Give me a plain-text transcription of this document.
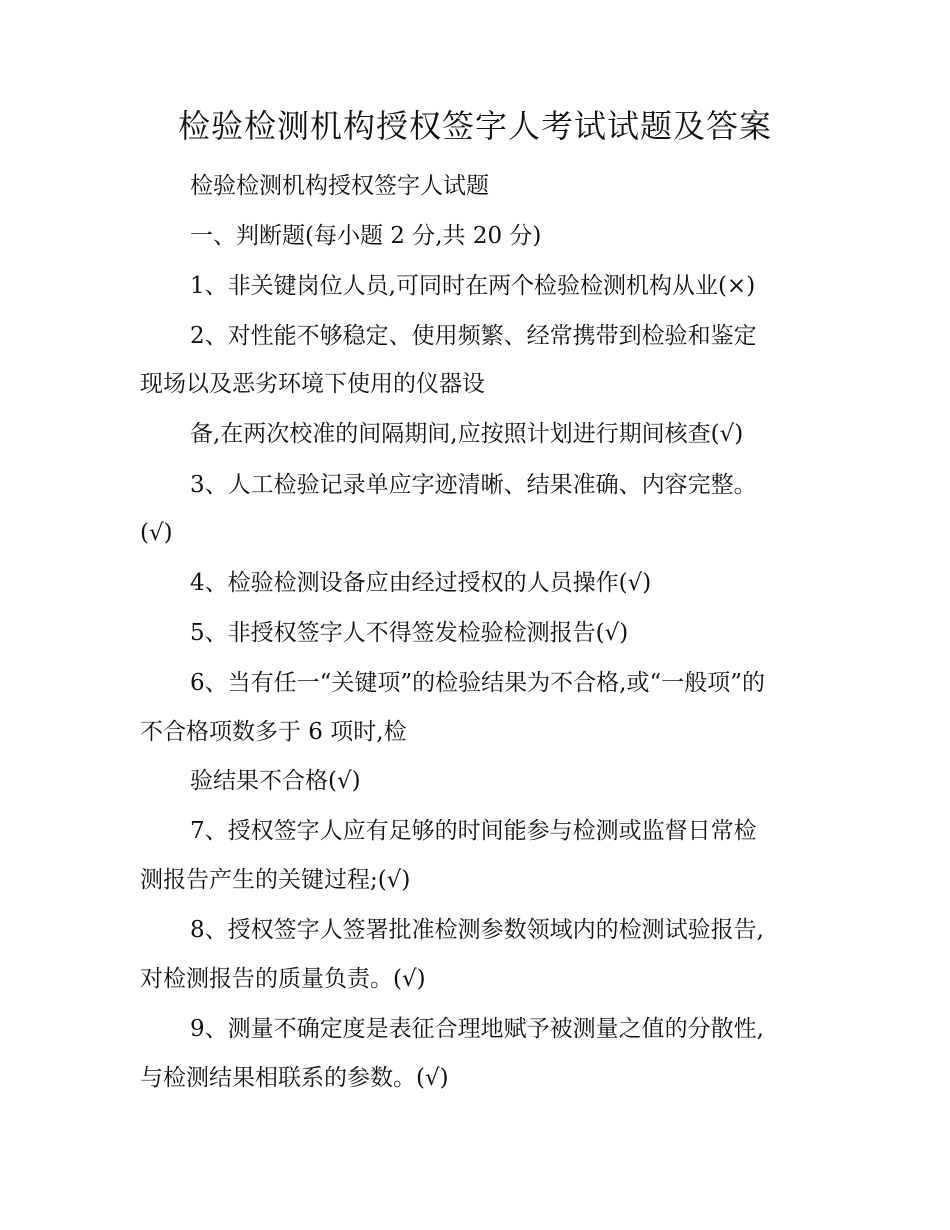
检验检测机构授权签字人考试试题及答案

检验检测机构授权签字人试题

一、判断题(每小题 2 分,共 20 分)

1、非关键岗位人员,可同时在两个检验检测机构从业(×)

2、对性能不够稳定、使用频繁、经常携带到检验和鉴定

现场以及恶劣环境下使用的仪器设

备,在两次校准的间隔期间,应按照计划进行期间核查(√)

3、人工检验记录单应字迹清晰、结果准确、内容完整。

(√)

4、检验检测设备应由经过授权的人员操作(√)

5、非授权签字人不得签发检验检测报告(√)

6、当有任一“关键项”的检验结果为不合格,或“一般项”的

不合格项数多于 6 项时,检

验结果不合格(√)

7、授权签字人应有足够的时间能参与检测或监督日常检

测报告产生的关键过程;(√)

8、授权签字人签署批准检测参数领域内的检测试验报告,

对检测报告的质量负责。(√)

9、测量不确定度是表征合理地赋予被测量之值的分散性,

与检测结果相联系的参数。(√)
